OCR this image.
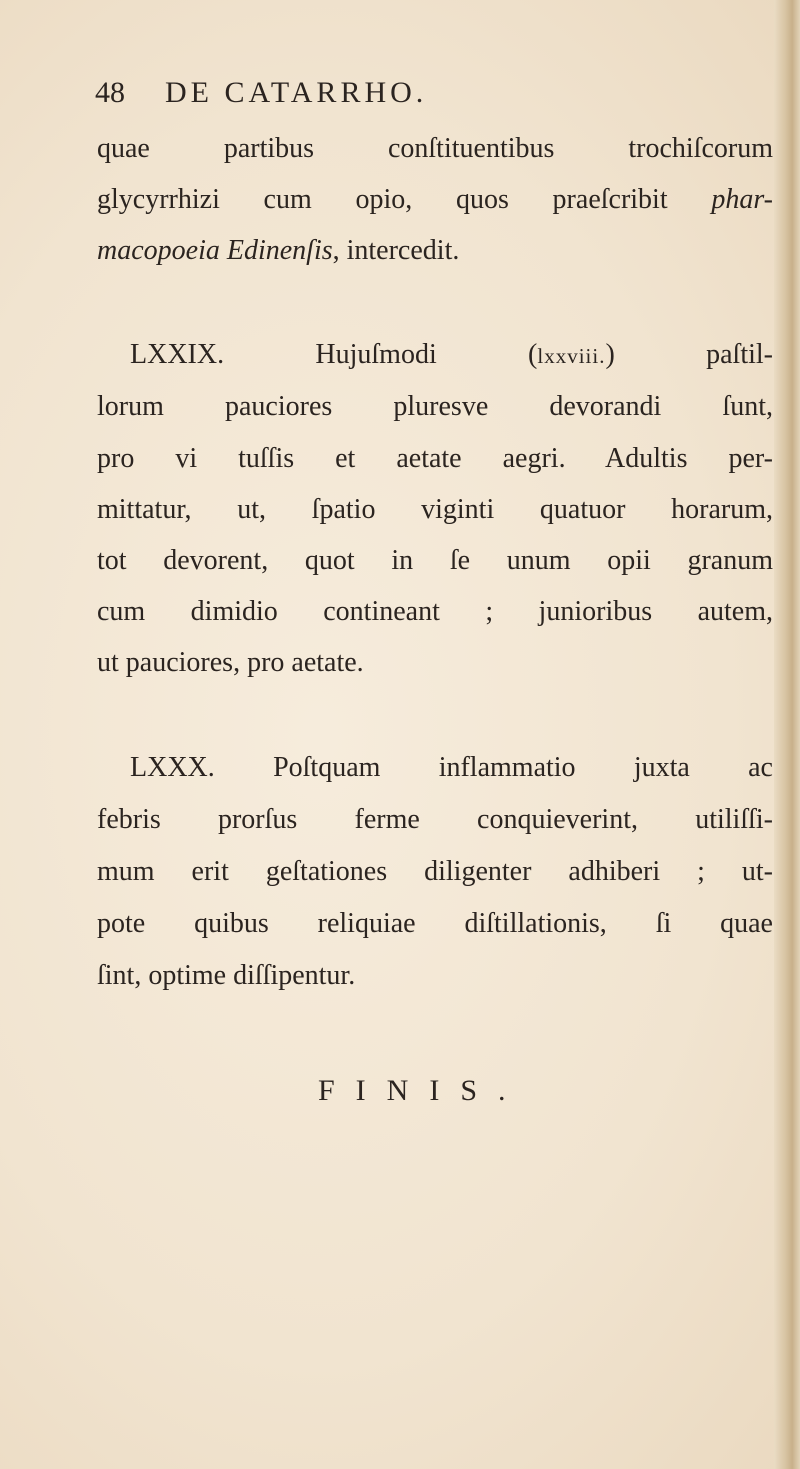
48 DE CATARRHO.
quae partibus conſtituentibus trochiſcorum
glycyrrhizi cum opio, quos praeſcribit phar-
macopoeia Edinenſis, intercedit.
LXXIX.	Hujuſmodi (lxxviii.) paſtil-
lorum pauciores pluresve devorandi ſunt,
pro vi tuſſis et aetate aegri. Adultis per-
mittatur, ut, ſpatio viginti quatuor horarum,
tot devorent, quot in ſe unum opii granum
cum dimidio contineant ; junioribus autem,
ut pauciores, pro aetate.
LXXX. Poſtquam inflammatio juxta ac
febris prorſus ferme conquieverint, utiliſſi-
mum erit geſtationes diligenter adhiberi ; ut-
pote quibus reliquiae diſtillationis, ſi quae
ſint, optime diſſipentur.
FINIS.
